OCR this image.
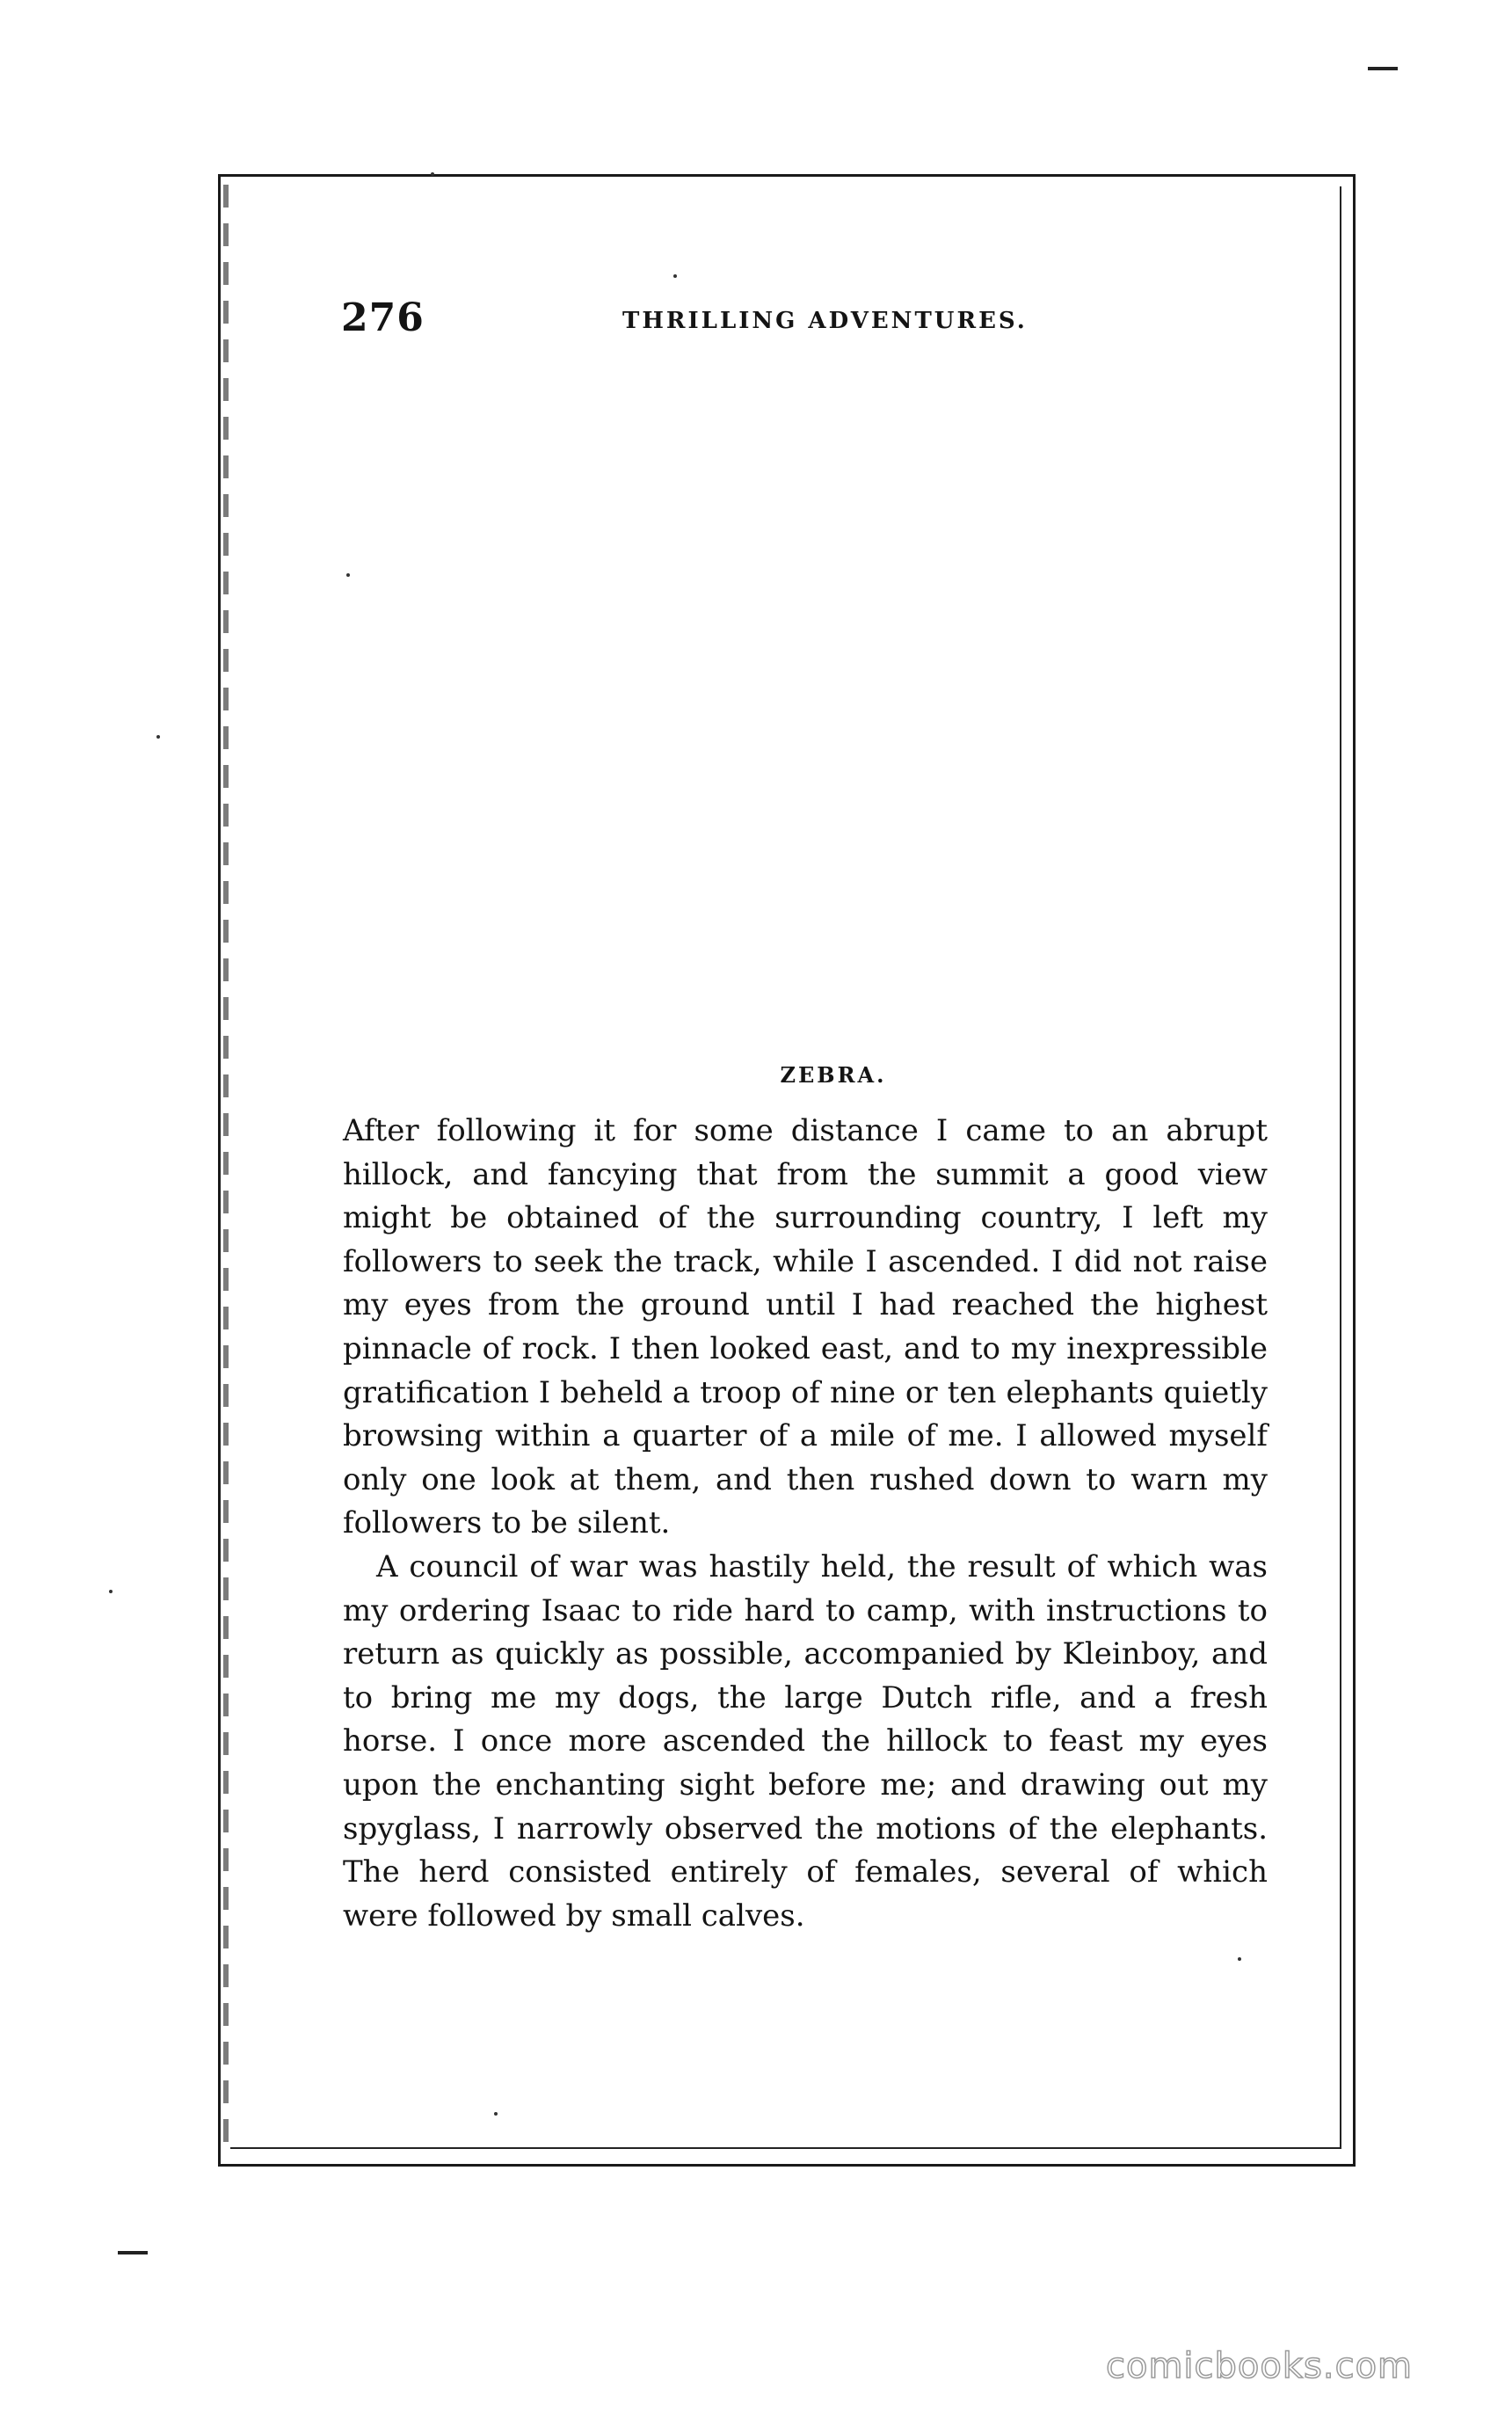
276	THRILLING ADVENTURES.
ZEBRA.

After following it for some distance I came to an abrupt hillock, and fancying that from the summit a good view might be obtained of the surrounding country, I left my followers to seek the track, while I ascended. I did not raise my eyes from the ground until I had reached the highest pinnacle of rock. I then looked east, and to my inexpressible gratification I beheld a troop of nine or ten elephants quietly browsing within a quarter of a mile of me. I allowed myself only one look at them, and then rushed down to warn my followers to be silent.

A council of war was hastily held, the result of which was my ordering Isaac to ride hard to camp, with instructions to return as quickly as possible, accompanied by Kleinboy, and to bring me my dogs, the large Dutch rifle, and a fresh horse. I once more ascended the hillock to feast my eyes upon the enchanting sight before me; and drawing out my spyglass, I narrowly observed the motions of the elephants. The herd consisted entirely of females, several of which were followed by small calves.

comicbooks.com
